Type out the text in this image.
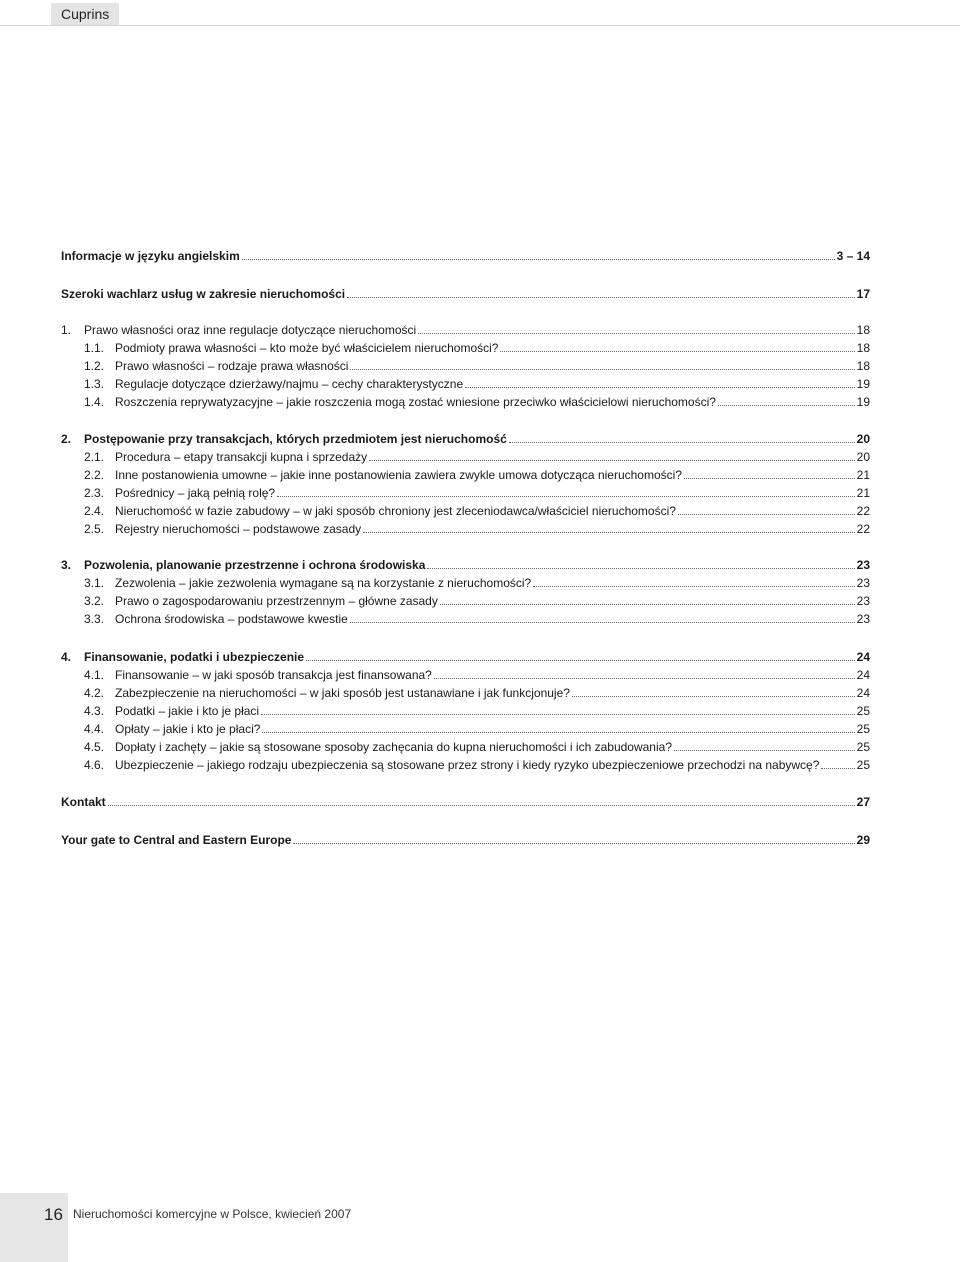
Cuprins
Informacje w języku angielskim	3 – 14
Szeroki wachlarz usług w zakresie nieruchomości	17
1. Prawo własności oraz inne regulacje dotyczące nieruchomości	18
1.1. Podmioty prawa własności – kto może być właścicielem nieruchomości?	18
1.2. Prawo własności – rodzaje prawa własności	18
1.3. Regulacje dotyczące dzierżawy/najmu – cechy charakterystyczne	19
1.4. Roszczenia reprywatyzacyjne – jakie roszczenia mogą zostać wniesione przeciwko właścicielowi nieruchomości?	19
2. Postępowanie przy transakcjach, których przedmiotem jest nieruchomość	20
2.1. Procedura – etapy transakcji kupna i sprzedaży	20
2.2. Inne postanowienia umowne – jakie inne postanowienia zawiera zwykle umowa dotycząca nieruchomości?	21
2.3. Pośrednicy – jaką pełnią rolę?	21
2.4. Nieruchomość w fazie zabudowy – w jaki sposób chroniony jest zleceniodawca/właściciel nieruchomości?	22
2.5. Rejestry nieruchomości – podstawowe zasady	22
3. Pozwolenia, planowanie przestrzenne i ochrona środowiska	23
3.1. Zezwolenia – jakie zezwolenia wymagane są na korzystanie z nieruchomości?	23
3.2. Prawo o zagospodarowaniu przestrzennym – główne zasady	23
3.3. Ochrona środowiska – podstawowe kwestie	23
4. Finansowanie, podatki i ubezpieczenie	24
4.1. Finansowanie – w jaki sposób transakcja jest finansowana?	24
4.2. Zabezpieczenie na nieruchomości – w jaki sposób jest ustanawiane i jak funkcjonuje?	24
4.3. Podatki – jakie i kto je płaci	25
4.4. Opłaty – jakie i kto je płaci?	25
4.5. Dopłaty i zachęty – jakie są stosowane sposoby zachęcania do kupna nieruchomości i ich zabudowania?	25
4.6. Ubezpieczenie – jakiego rodzaju ubezpieczenia są stosowane przez strony i kiedy ryzyko ubezpieczeniowe przechodzi na nabywcę?	25
Kontakt	27
Your gate to Central and Eastern Europe	29
16 Nieruchomości komercyjne w Polsce, kwiecień 2007
